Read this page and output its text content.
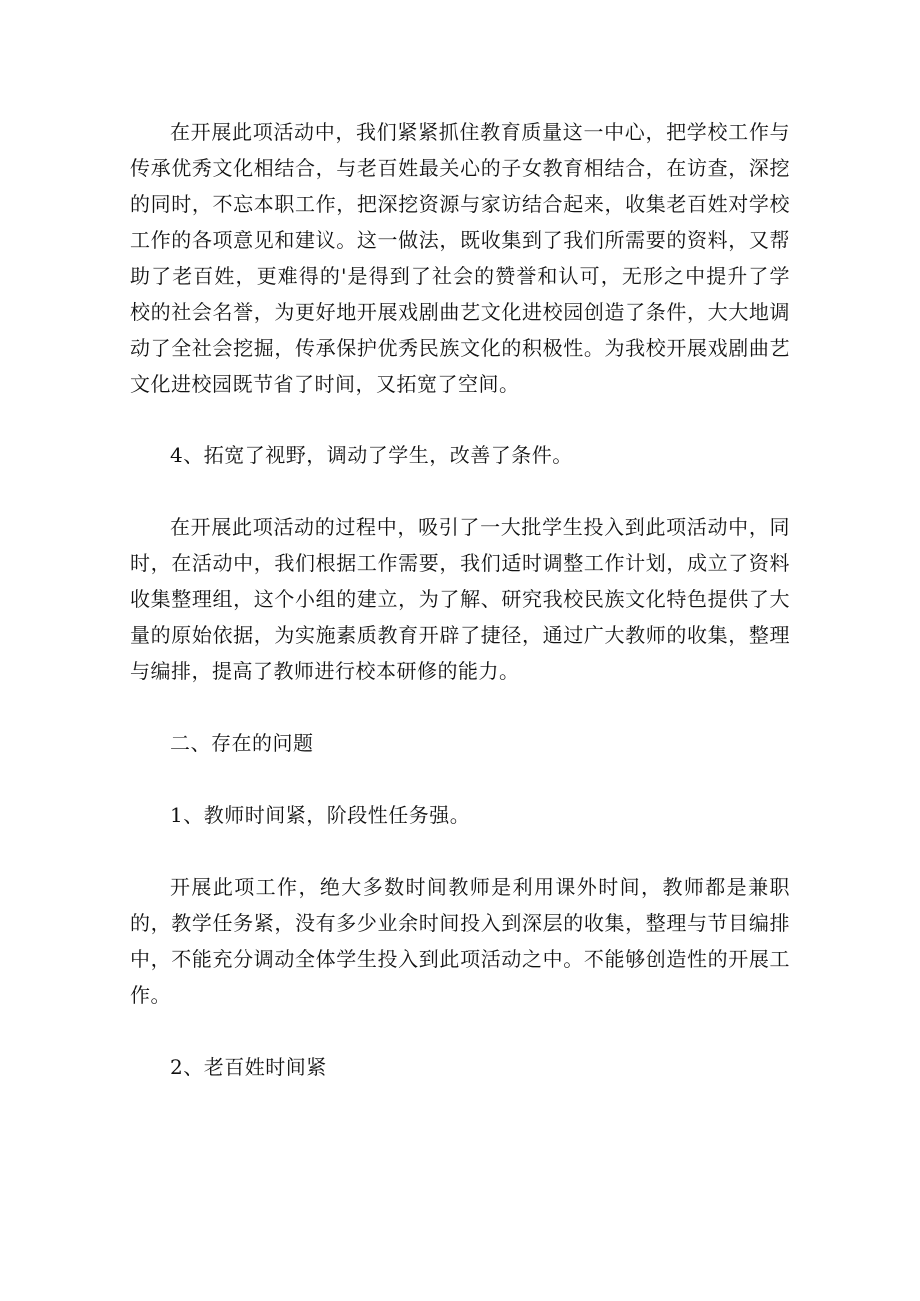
在开展此项活动中，我们紧紧抓住教育质量这一中心，把学校工作与传承优秀文化相结合，与老百姓最关心的子女教育相结合，在访查，深挖的同时，不忘本职工作，把深挖资源与家访结合起来，收集老百姓对学校工作的各项意见和建议。这一做法，既收集到了我们所需要的资料，又帮助了老百姓，更难得的'是得到了社会的赞誉和认可，无形之中提升了学校的社会名誉，为更好地开展戏剧曲艺文化进校园创造了条件，大大地调动了全社会挖掘，传承保护优秀民族文化的积极性。为我校开展戏剧曲艺文化进校园既节省了时间，又拓宽了空间。

4、拓宽了视野，调动了学生，改善了条件。

在开展此项活动的过程中，吸引了一大批学生投入到此项活动中，同时，在活动中，我们根据工作需要，我们适时调整工作计划，成立了资料收集整理组，这个小组的建立，为了解、研究我校民族文化特色提供了大量的原始依据，为实施素质教育开辟了捷径，通过广大教师的收集，整理与编排，提高了教师进行校本研修的能力。

二、存在的问题

1、教师时间紧，阶段性任务强。

开展此项工作，绝大多数时间教师是利用课外时间，教师都是兼职的，教学任务紧，没有多少业余时间投入到深层的收集，整理与节目编排中，不能充分调动全体学生投入到此项活动之中。不能够创造性的开展工作。

2、老百姓时间紧
